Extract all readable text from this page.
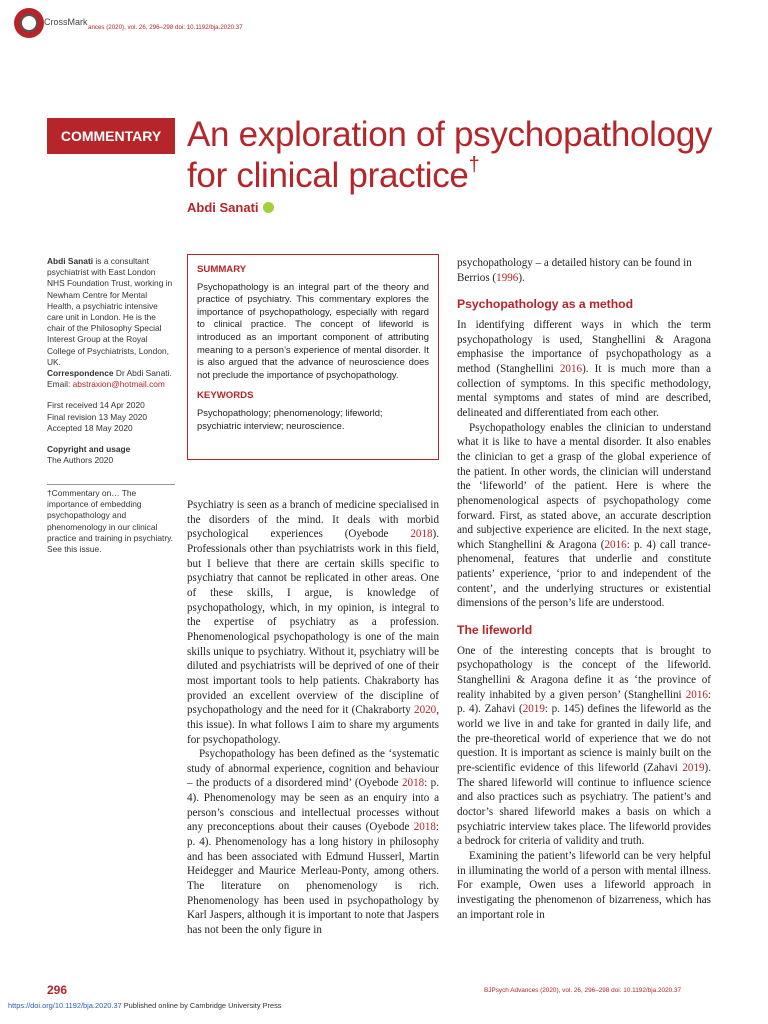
CrossMark
ances (2020), vol. 26, 296–298 doi: 10.1192/bja.2020.37
COMMENTARY An exploration of psychopathology
for clinical practice†
Abdi Sanati

Abdi Sanati is a consultant psychiatrist with East London NHS Foundation Trust, working in Newham Centre for Mental Health, a psychiatric intensive care unit in London. He is the chair of the Philosophy Special Interest Group at the Royal College of Psychiatrists, London, UK.
Correspondence Dr Abdi Sanati.
Email: abstraxion@hotmail.com

First received 14 Apr 2020
Final revision 13 May 2020
Accepted 18 May 2020

Copyright and usage
The Authors 2020

†Commentary on… The importance of embedding psychopathology and phenomenology in our clinical practice and training in psychiatry. See this issue.
SUMMARY

Psychopathology is an integral part of the theory and practice of psychiatry. This commentary explores the importance of psychopathology, especially with regard to clinical practice. The concept of lifeworld is introduced as an important component of attributing meaning to a person’s experience of mental disorder. It is also argued that the advance of neuroscience does not preclude the importance of psychopathology.

KEYWORDS

Psychopathology; phenomenology; lifeworld; psychiatric interview; neuroscience.

Psychiatry is seen as a branch of medicine specialised in the disorders of the mind. It deals with morbid psychological experiences (Oyebode 2018). Professionals other than psychiatrists work in this field, but I believe that there are certain skills specific to psychiatry that cannot be replicated in other areas. One of these skills, I argue, is knowledge of psychopathology, which, in my opinion, is integral to the expertise of psychiatry as a profession. Phenomenological psychopathology is one of the main skills unique to psychiatry. Without it, psychiatry will be diluted and psychiatrists will be deprived of one of their most important tools to help patients. Chakraborty has provided an excellent overview of the discipline of psychopathology and the need for it (Chakraborty 2020, this issue). In what follows I aim to share my arguments for psychopathology.

Psychopathology has been defined as the ‘systematic study of abnormal experience, cognition and behaviour – the products of a disordered mind’ (Oyebode 2018: p. 4). Phenomenology may be seen as an enquiry into a person’s conscious and intellectual processes without any preconceptions about their causes (Oyebode 2018: p. 4). Phenomenology has a long history in philosophy and has been associated with Edmund Husserl, Martin Heidegger and Maurice Merleau-Ponty, among others. The literature on phenomenology is rich. Phenomenology has been used in psychopathology by Karl Jaspers, although it is important to note that Jaspers has not been the only figure in

psychopathology – a detailed history can be found in Berrios (1996).

Psychopathology as a method

In identifying different ways in which the term psychopathology is used, Stanghellini & Aragona emphasise the importance of psychopathology as a method (Stanghellini 2016). It is much more than a collection of symptoms. In this specific methodology, mental symptoms and states of mind are described, delineated and differentiated from each other.

Psychopathology enables the clinician to understand what it is like to have a mental disorder. It also enables the clinician to get a grasp of the global experience of the patient. In other words, the clinician will understand the ‘lifeworld’ of the patient. Here is where the phenomenological aspects of psychopathology come forward. First, as stated above, an accurate description and subjective experience are elicited. In the next stage, which Stanghellini & Aragona (2016: p. 4) call trance-phenomenal, features that underlie and constitute patients’ experience, ‘prior to and independent of the content’, and the underlying structures or existential dimensions of the person’s life are understood.

The lifeworld

One of the interesting concepts that is brought to psychopathology is the concept of the lifeworld. Stanghellini & Aragona define it as ‘the province of reality inhabited by a given person’ (Stanghellini 2016: p. 4). Zahavi (2019: p. 145) defines the lifeworld as the world we live in and take for granted in daily life, and the pre-theoretical world of experience that we do not question. It is important as science is mainly built on the pre-scientific evidence of this lifeworld (Zahavi 2019). The shared lifeworld will continue to influence science and also practices such as psychiatry. The patient’s and doctor’s shared lifeworld makes a basis on which a psychiatric interview takes place. The lifeworld provides a bedrock for criteria of validity and truth.

Examining the patient’s lifeworld can be very helpful in illuminating the world of a person with mental illness. For example, Owen uses a lifeworld approach in investigating the phenomenon of bizarreness, which has an important role in

296	BJPsych Advances (2020), vol. 26, 296–298 doi: 10.1192/bja.2020.37
https://doi.org/10.1192/bja.2020.37 Published online by Cambridge University Press
